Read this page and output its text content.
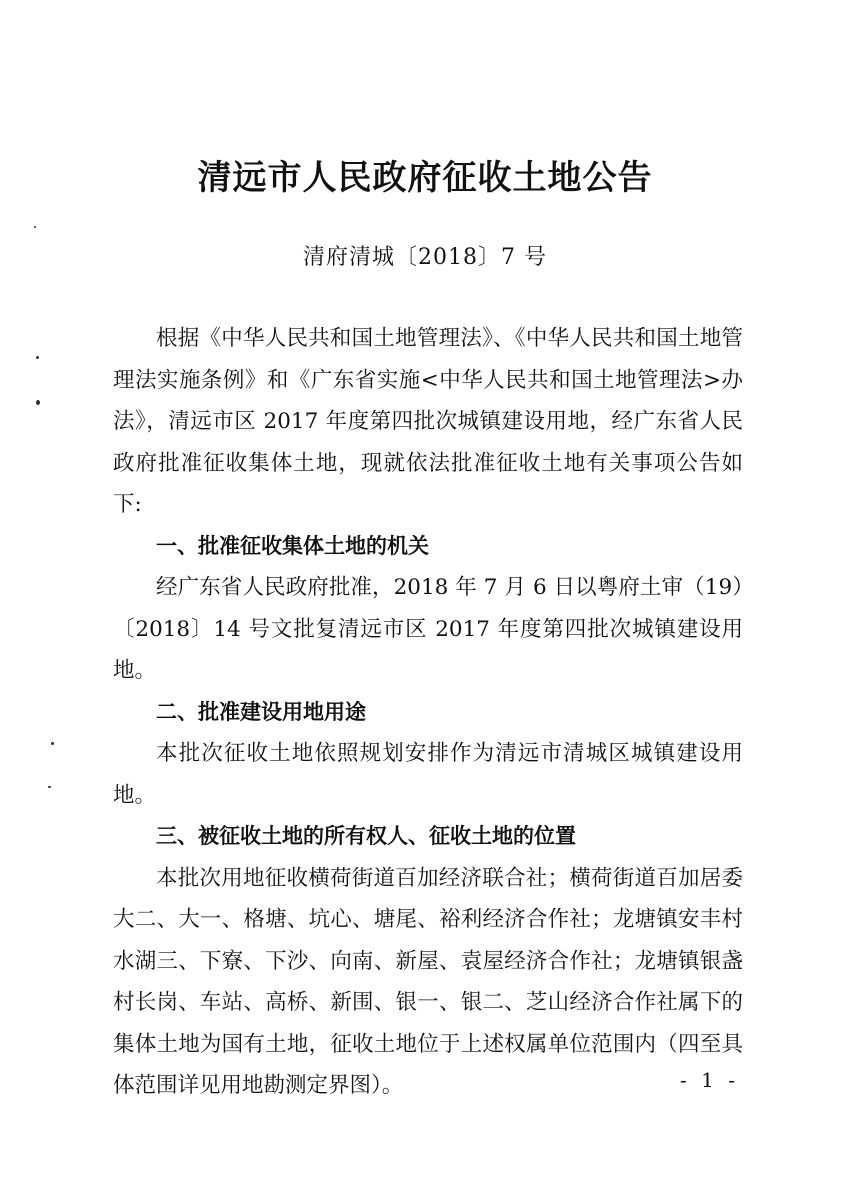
清远市人民政府征收土地公告
清府清城〔2018〕7 号

根据《中华人民共和国土地管理法》、《中华人民共和国土地管理法实施条例》和《广东省实施<中华人民共和国土地管理法>办法》，清远市区 2017 年度第四批次城镇建设用地，经广东省人民政府批准征收集体土地，现就依法批准征收土地有关事项公告如下:

一、批准征收集体土地的机关

经广东省人民政府批准，2018 年 7 月 6 日以粤府土审（19）〔2018〕14 号文批复清远市区 2017 年度第四批次城镇建设用地。

二、批准建设用地用途

本批次征收土地依照规划安排作为清远市清城区城镇建设用地。

三、被征收土地的所有权人、征收土地的位置

本批次用地征收横荷街道百加经济联合社；横荷街道百加居委大二、大一、格塘、坑心、塘尾、裕利经济合作社；龙塘镇安丰村水湖三、下寮、下沙、向南、新屋、袁屋经济合作社；龙塘镇银盏村长岗、车站、高桥、新围、银一、银二、芝山经济合作社属下的集体土地为国有土地，征收土地位于上述权属单位范围内（四至具体范围详见用地勘测定界图）。	- 1 -
